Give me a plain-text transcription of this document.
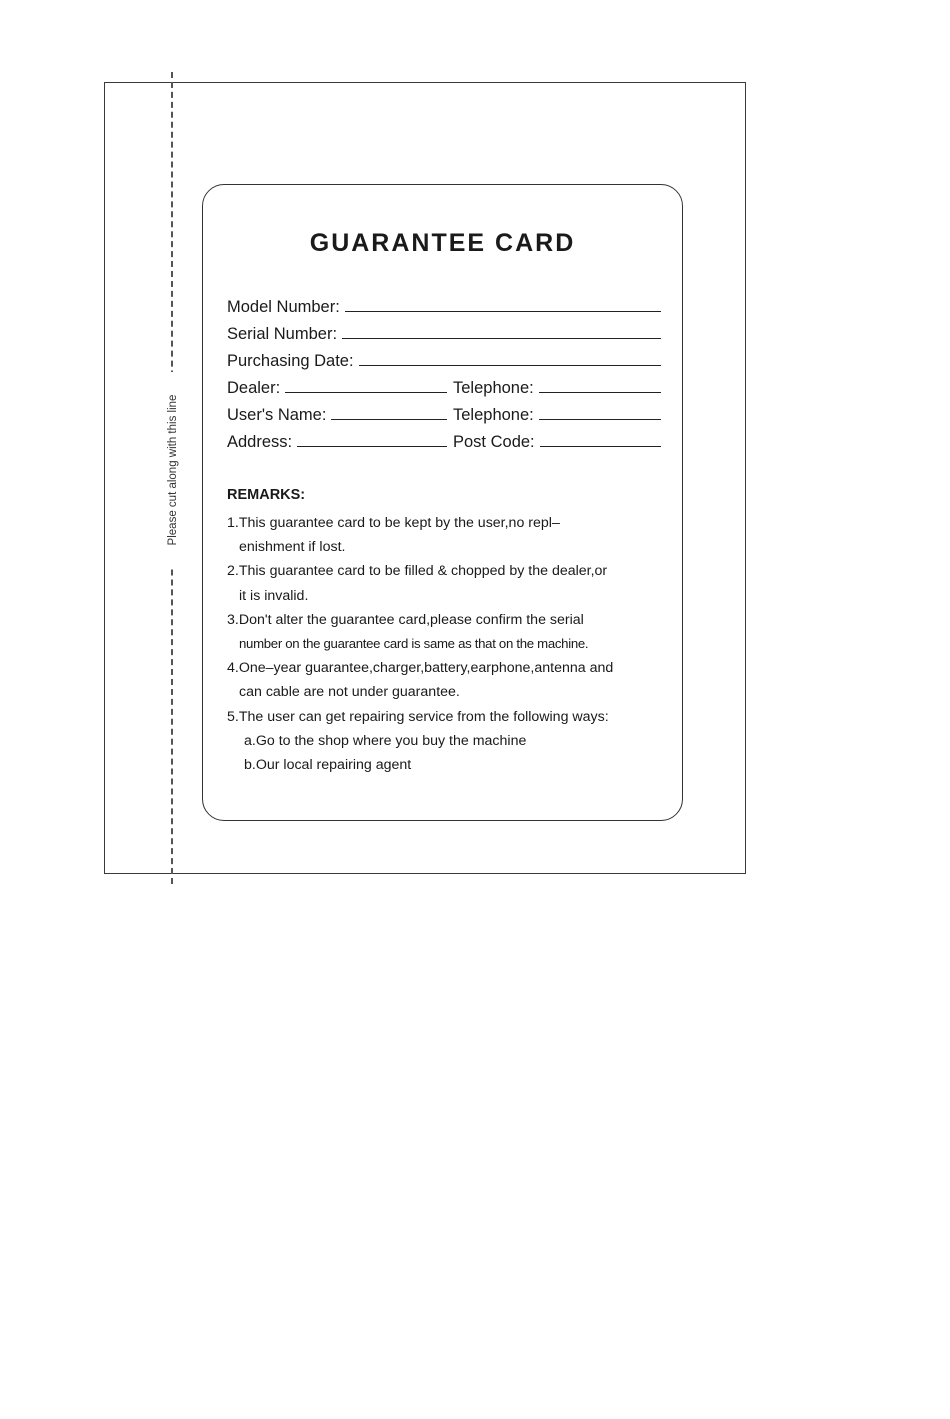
Please cut along with this line
GUARANTEE CARD
Model Number:
Serial Number:
Purchasing Date:
Dealer:	Telephone:
User's Name:	Telephone:
Address:	Post Code:
REMARKS:

1.This guarantee card to be kept by the user,no repl–
enishment if lost.

2.This guarantee card to be filled & chopped by the dealer,or
it is invalid.

3.Don't alter the guarantee card,please confirm the serial
number on the guarantee card is same as that on the machine.

4.One–year guarantee,charger,battery,earphone,antenna and
can cable are not under guarantee.

5.The user can get repairing service from the following ways:
a.Go to the shop where you buy the machine
b.Our local repairing agent
